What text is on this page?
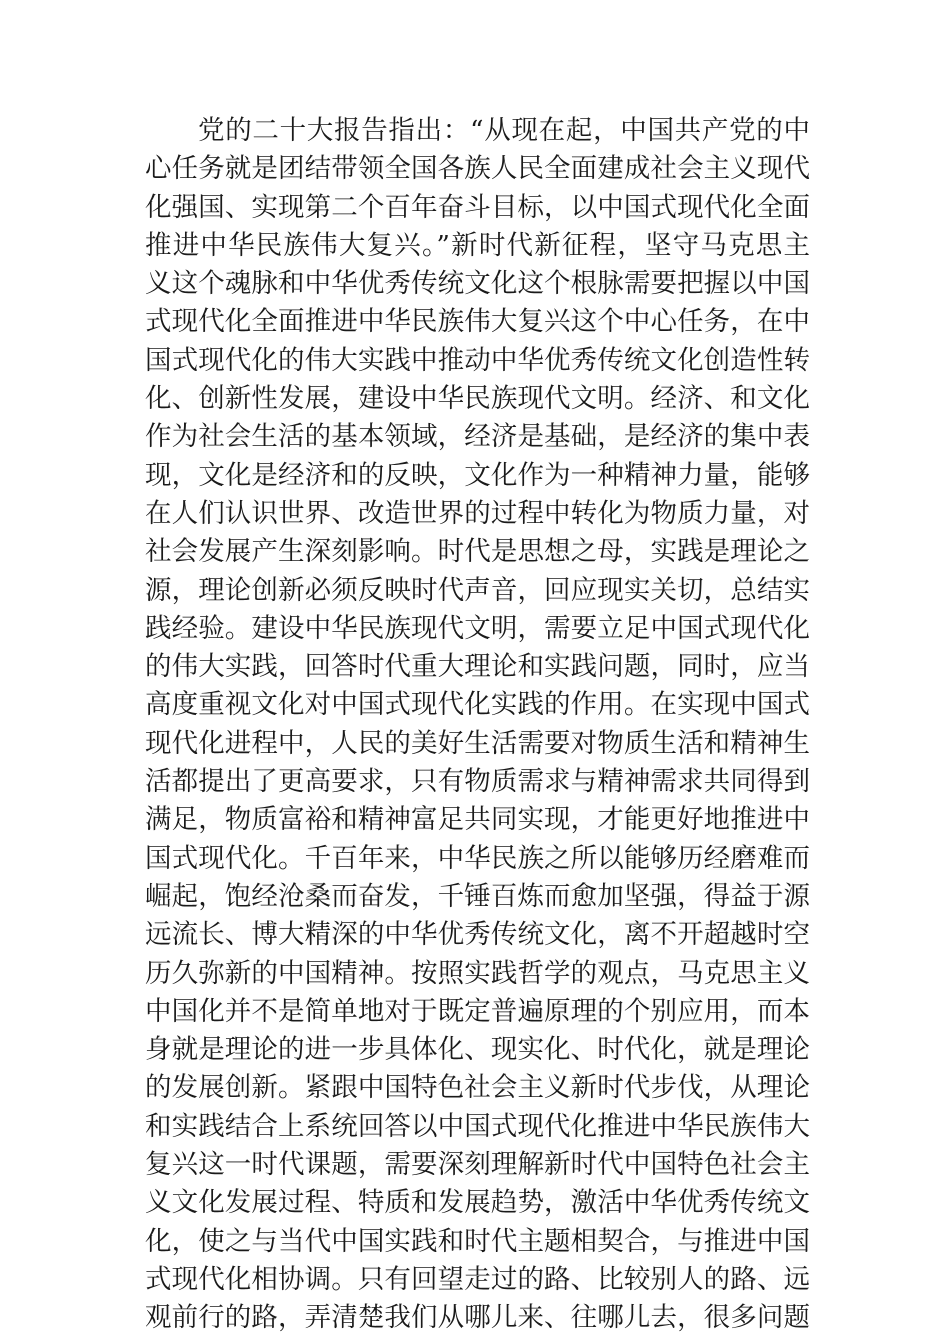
党的二十大报告指出：“从现在起，中国共产党的中
心任务就是团结带领全国各族人民全面建成社会主义现代
化强国、实现第二个百年奋斗目标，以中国式现代化全面
推进中华民族伟大复兴。”新时代新征程，坚守马克思主
义这个魂脉和中华优秀传统文化这个根脉需要把握以中国
式现代化全面推进中华民族伟大复兴这个中心任务，在中
国式现代化的伟大实践中推动中华优秀传统文化创造性转
化、创新性发展，建设中华民族现代文明。经济、和文化
作为社会生活的基本领域，经济是基础，是经济的集中表
现，文化是经济和的反映，文化作为一种精神力量，能够
在人们认识世界、改造世界的过程中转化为物质力量，对
社会发展产生深刻影响。时代是思想之母，实践是理论之
源，理论创新必须反映时代声音，回应现实关切，总结实
践经验。建设中华民族现代文明，需要立足中国式现代化
的伟大实践，回答时代重大理论和实践问题，同时，应当
高度重视文化对中国式现代化实践的作用。在实现中国式
现代化进程中，人民的美好生活需要对物质生活和精神生
活都提出了更高要求，只有物质需求与精神需求共同得到
满足，物质富裕和精神富足共同实现，才能更好地推进中
国式现代化。千百年来，中华民族之所以能够历经磨难而
崛起，饱经沧桑而奋发，千锤百炼而愈加坚强，得益于源
远流长、博大精深的中华优秀传统文化，离不开超越时空
历久弥新的中国精神。按照实践哲学的观点，马克思主义
中国化并不是简单地对于既定普遍原理的个别应用，而本
身就是理论的进一步具体化、现实化、时代化，就是理论
的发展创新。紧跟中国特色社会主义新时代步伐，从理论
和实践结合上系统回答以中国式现代化推进中华民族伟大
复兴这一时代课题，需要深刻理解新时代中国特色社会主
义文化发展过程、特质和发展趋势，激活中华优秀传统文
化，使之与当代中国实践和时代主题相契合，与推进中国
式现代化相协调。只有回望走过的路、比较别人的路、远
观前行的路，弄清楚我们从哪儿来、往哪儿去，很多问题
